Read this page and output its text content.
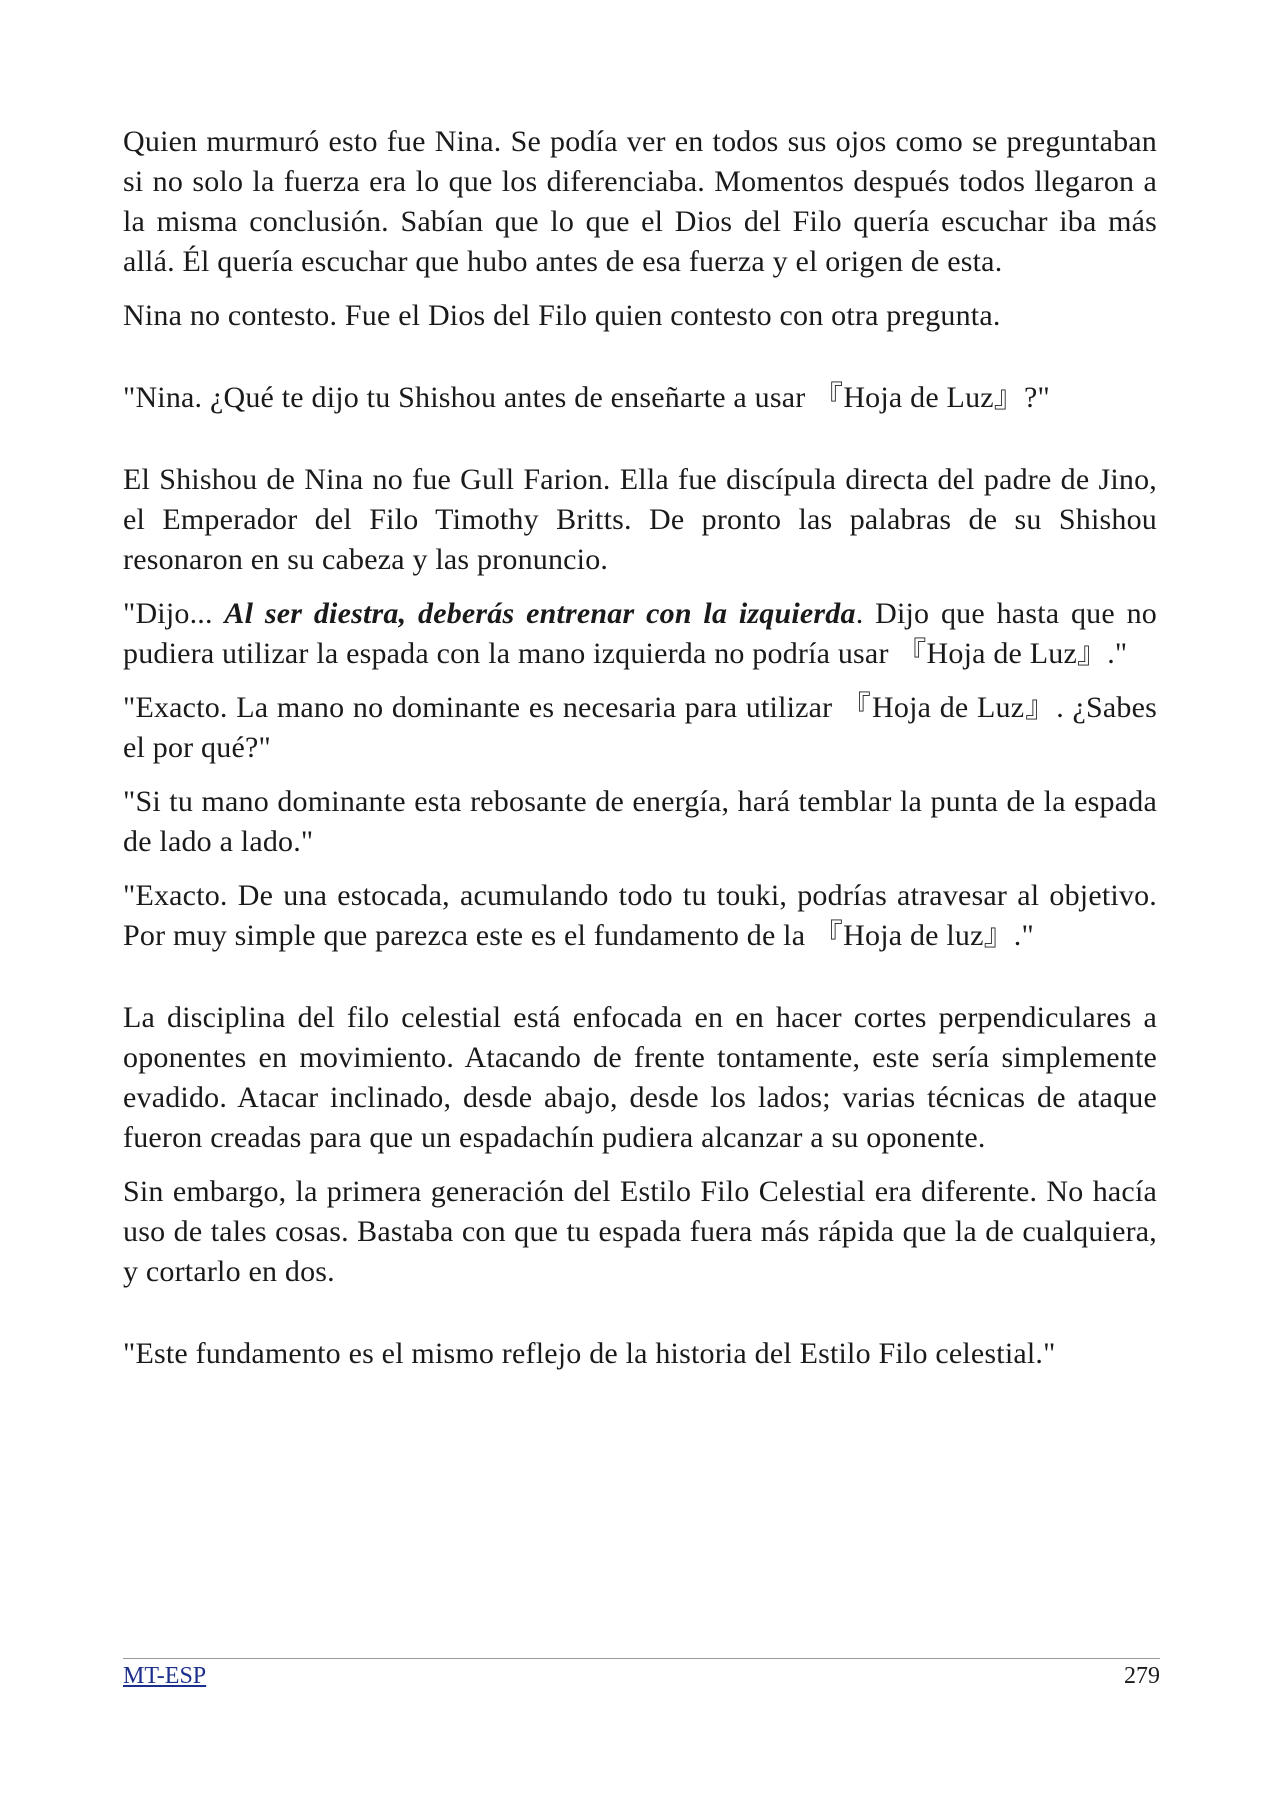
Quien murmuró esto fue Nina. Se podía ver en todos sus ojos como se preguntaban si no solo la fuerza era lo que los diferenciaba. Momentos después todos llegaron a la misma conclusión. Sabían que lo que el Dios del Filo quería escuchar iba más allá. Él quería escuchar que hubo antes de esa fuerza y el origen de esta.

Nina no contesto. Fue el Dios del Filo quien contesto con otra pregunta.

"Nina. ¿Qué te dijo tu Shishou antes de enseñarte a usar 『Hoja de Luz』?"

El Shishou de Nina no fue Gull Farion. Ella fue discípula directa del padre de Jino, el Emperador del Filo Timothy Britts. De pronto las palabras de su Shishou resonaron en su cabeza y las pronuncio.

"Dijo... Al ser diestra, deberás entrenar con la izquierda. Dijo que hasta que no pudiera utilizar la espada con la mano izquierda no podría usar 『Hoja de Luz』."

"Exacto. La mano no dominante es necesaria para utilizar 『Hoja de Luz』. ¿Sabes el por qué?"

"Si tu mano dominante esta rebosante de energía, hará temblar la punta de la espada de lado a lado."

"Exacto. De una estocada, acumulando todo tu touki, podrías atravesar al objetivo. Por muy simple que parezca este es el fundamento de la 『Hoja de luz』."

La disciplina del filo celestial está enfocada en en hacer cortes perpendiculares a oponentes en movimiento. Atacando de frente tontamente, este sería simplemente evadido. Atacar inclinado, desde abajo, desde los lados; varias técnicas de ataque fueron creadas para que un espadachín pudiera alcanzar a su oponente.

Sin embargo, la primera generación del Estilo Filo Celestial era diferente. No hacía uso de tales cosas. Bastaba con que tu espada fuera más rápida que la de cualquiera, y cortarlo en dos.

"Este fundamento es el mismo reflejo de la historia del Estilo Filo celestial."

MT-ESP	279
